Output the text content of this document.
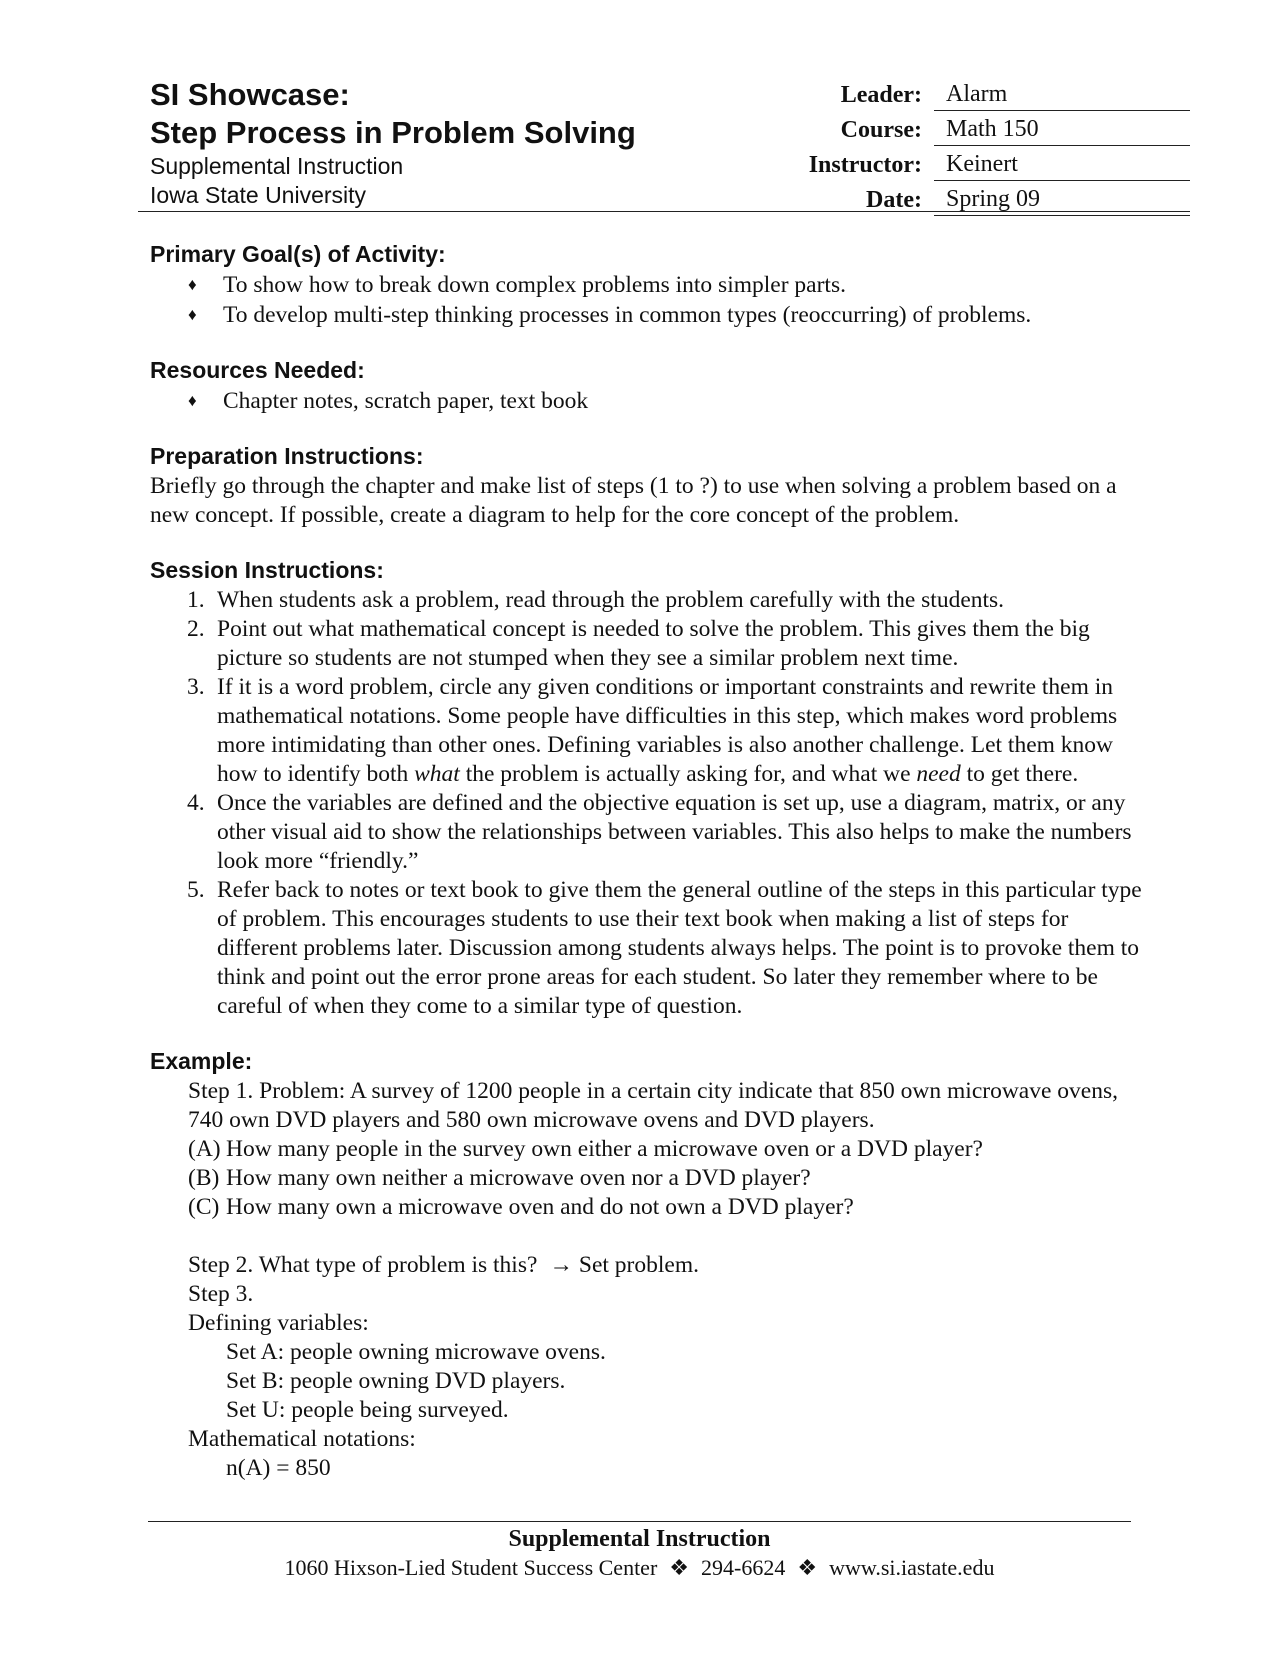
SI Showcase:
Step Process in Problem Solving
Supplemental Instruction
Iowa State University
Leader:	Alarm
Course:	Math 150
Instructor:	Keinert
Date:	Spring 09
Primary Goal(s) of Activity:
♦ To show how to break down complex problems into simpler parts.
♦ To develop multi-step thinking processes in common types (reoccurring) of problems.
Resources Needed:
♦ Chapter notes, scratch paper, text book
Preparation Instructions:

Briefly go through the chapter and make list of steps (1 to ?) to use when solving a problem based on a new concept. If possible, create a diagram to help for the core concept of the problem.

Session Instructions:
1. When students ask a problem, read through the problem carefully with the students.
2. Point out what mathematical concept is needed to solve the problem. This gives them the big picture so students are not stumped when they see a similar problem next time.
3. If it is a word problem, circle any given conditions or important constraints and rewrite them in mathematical notations. Some people have difficulties in this step, which makes word problems more intimidating than other ones. Defining variables is also another challenge. Let them know how to identify both what the problem is actually asking for, and what we need to get there.
4. Once the variables are defined and the objective equation is set up, use a diagram, matrix, or any other visual aid to show the relationships between variables. This also helps to make the numbers look more “friendly.”
5. Refer back to notes or text book to give them the general outline of the steps in this particular type of problem. This encourages students to use their text book when making a list of steps for different problems later. Discussion among students always helps. The point is to provoke them to think and point out the error prone areas for each student. So later they remember where to be careful of when they come to a similar type of question.
Example:
Step 1. Problem: A survey of 1200 people in a certain city indicate that 850 own microwave ovens, 740 own DVD players and 580 own microwave ovens and DVD players.
(A) How many people in the survey own either a microwave oven or a DVD player?
(B) How many own neither a microwave oven nor a DVD player?
(C) How many own a microwave oven and do not own a DVD player?

Step 2. What type of problem is this? → Set problem.
Step 3.
Defining variables:
Set A: people owning microwave ovens.
Set B: people owning DVD players.
Set U: people being surveyed.
Mathematical notations:
n(A) = 850
Supplemental Instruction
1060 Hixson-Lied Student Success Center ❖ 294-6624 ❖ www.si.iastate.edu
